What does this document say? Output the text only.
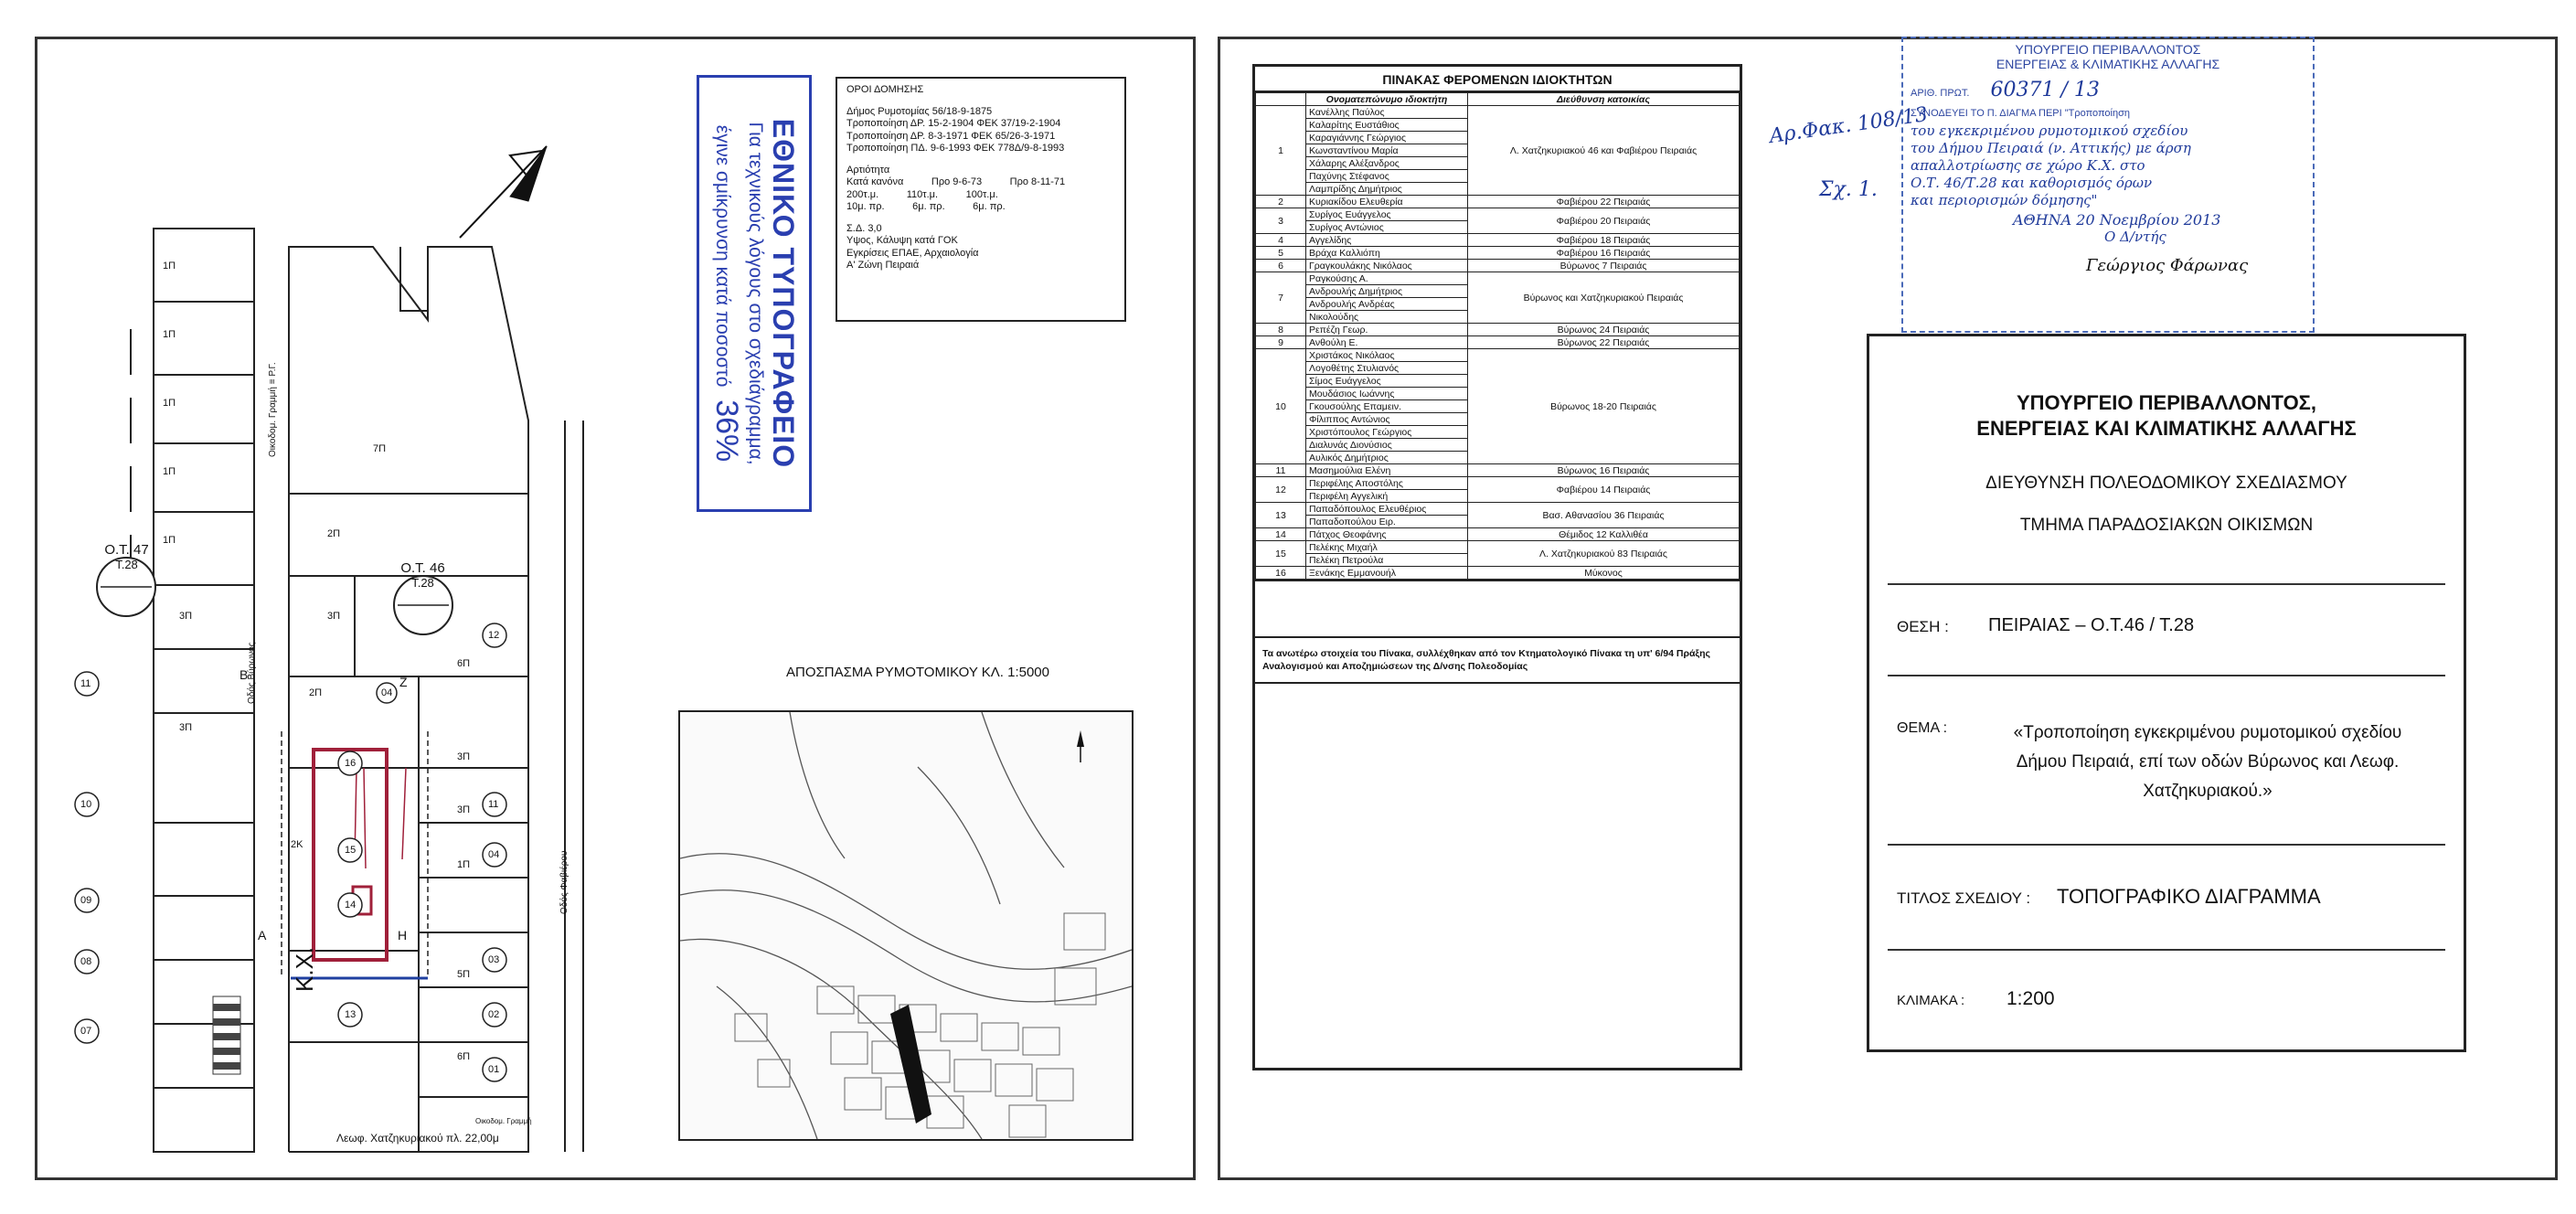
Ο.Τ. 47
Τ.28	Ο.Τ. 46
Τ.28
Κ.Χ.
Λεωφ. Χατζηκυριακού πλ. 22,00μ
Οικοδομ. Γραμμή
Οδός Βύρωνος
Οδός Φαβιέρου
Οικοδομ. Γραμμή ≡ Ρ.Γ.
1Π
1Π
1Π
1Π
1Π
3Π
3Π
7Π
2Π
3Π
11
10
09
08
07
6Π
12
3Π
11
3Π
04
1Π
03
5Π
02
6Π
01
16
15
14
13
2Π
2Κ
04
Β	Ζ
Α	Η
ΕΘΝΙΚΟ ΤΥΠΟΓΡΑΦΕΙΟ
Για τεχνικούς λόγους στο σχεδιάγραμμα,
έγινε σμίκρυνση κατά ποσοστό 36%
ΟΡΟΙ ΔΟΜΗΣΗΣ
Δήμος Ρυμοτομίας 56/18-9-1875
Τροποποίηση ΔΡ. 15-2-1904 ΦΕΚ 37/19-2-1904
Τροποποίηση ΔΡ. 8-3-1971 ΦΕΚ 65/26-3-1971
Τροποποίηση ΠΔ. 9-6-1993 ΦΕΚ 778Δ/9-8-1993
Αρτιότητα
Κατά κανόνα          Προ 9-6-73          Προ 8-11-71
200τ.μ.          110τ.μ.          100τ.μ.
10μ. πρ.          6μ. πρ.          6μ. πρ.
Σ.Δ. 3,0
Υψος, Κάλυψη κατά ΓΟΚ
Εγκρίσεις ΕΠΑΕ, Αρχαιολογία
Α' Ζώνη Πειραιά
ΑΠΟΣΠΑΣΜΑ ΡΥΜΟΤΟΜΙΚΟΥ ΚΛ. 1:5000
ΠΙΝΑΚΑΣ ΦΕΡΟΜΕΝΩΝ ΙΔΙΟΚΤΗΤΩΝ
	Ονοματεπώνυμο ιδιοκτήτη	Διεύθυνση κατοικίας
1	Κανέλλης Παύλος	Λ. Χατζηκυριακού 46 και Φαβιέρου Πειραιάς
	Καλαρίτης Ευστάθιος	
	Καραγιάννης Γεώργιος	
	Κωνσταντίνου Μαρία	
	Χάλαρης Αλέξανδρος	
	Παχύνης Στέφανος	
	Λαμπρίδης Δημήτριος	
2	Κυριακίδου Ελευθερία	Φαβιέρου 22 Πειραιάς
3	Συρίγος Ευάγγελος	Φαβιέρου 20 Πειραιάς
	Συρίγος Αντώνιος	
4	Αγγελίδης	Φαβιέρου 18 Πειραιάς
5	Βράχα Καλλιόπη	Φαβιέρου 16 Πειραιάς
6	Γραγκουλάκης Νικόλαος	Βύρωνος 7 Πειραιάς
7	Ραγκούσης Α.	Βύρωνος και Χατζηκυριακού Πειραιάς
	Ανδρουλής Δημήτριος	
	Ανδρουλής Ανδρέας	
	Νικολούδης	
8	Ρεπέζη Γεωρ.	Βύρωνος 24 Πειραιάς
9	Ανθούλη Ε.	Βύρωνος 22 Πειραιάς
10	Χριστάκος Νικόλαος	Βύρωνος 18-20 Πειραιάς
	Λογοθέτης Στυλιανός	
	Σίμος Ευάγγελος	
	Μουδάσιος Ιωάννης	
	Γκουσούλης Επαμειν.	
	Φίλιππος Αντώνιος	
	Χριστόπουλος Γεώργιος	
	Διαλυνάς Διονύσιος	
	Αυλικός Δημήτριος	
11	Μασημούλια Ελένη	Βύρωνος 16 Πειραιάς
12	Περιφέλης Αποστόλης	Φαβιέρου 14 Πειραιάς
	Περιφέλη Αγγελική	
13	Παπαδόπουλος Ελευθέριος	Βασ. Αθανασίου 36 Πειραιάς
	Παπαδοπούλου Ειρ.	
14	Πάτχος Θεοφάνης	Θέμιδος 12 Καλλιθέα
15	Πελέκης Μιχαήλ	Λ. Χατζηκυριακού 83 Πειραιάς
	Πελέκη Πετρούλα	
16	Ξενάκης Εμμανουήλ	Μύκονος
Τα ανωτέρω στοιχεία του Πίνακα, συλλέχθηκαν από τον Κτηματολογικό Πίνακα τη υπ' 6/94 Πράξης Αναλογισμού και Αποζημιώσεων της Δ/νσης Πολεοδομίας
Αρ.Φακ. 108/13
Σχ. 1.
ΥΠΟΥΡΓΕΙΟ ΠΕΡΙΒΑΛΛΟΝΤΟΣ
ΕΝΕΡΓΕΙΑΣ & ΚΛΙΜΑΤΙΚΗΣ ΑΛΛΑΓΗΣ
ΑΡΙΘ. ΠΡΩΤ. 60371 / 13
ΣΥΝΟΔΕΥΕΙ ΤΟ Π. ΔΙΑΓΜΑ ΠΕΡΙ "Τροποποίηση
του εγκεκριμένου ρυμοτομικού σχεδίου
του Δήμου Πειραιά (ν. Αττικής) με άρση
απαλλοτρίωσης σε χώρο Κ.Χ. στο
Ο.Τ. 46/Τ.28 και καθορισμός όρων
και περιορισμών δόμησης"
ΑΘΗΝΑ 20 Νοεμβρίου 2013
Ο Δ/ντής
Γεώργιος Φάρωνας
ΥΠΟΥΡΓΕΙΟ ΠΕΡΙΒΑΛΛΟΝΤΟΣ,
ΕΝΕΡΓΕΙΑΣ ΚΑΙ ΚΛΙΜΑΤΙΚΗΣ ΑΛΛΑΓΗΣ
ΔΙΕΥΘΥΝΣΗ ΠΟΛΕΟΔΟΜΙΚΟΥ ΣΧΕΔΙΑΣΜΟΥ
ΤΜΗΜΑ ΠΑΡΑΔΟΣΙΑΚΩΝ ΟΙΚΙΣΜΩΝ
ΘΕΣΗ : ΠΕΙΡΑΙΑΣ – Ο.Τ.46 / Τ.28
ΘΕΜΑ :	«Τροποποίηση εγκεκριμένου ρυμοτομικού σχεδίου
Δήμου Πειραιά, επί των οδών Βύρωνος και Λεωφ.
Χατζηκυριακού.»
ΤΙΤΛΟΣ ΣΧΕΔΙΟΥ : ΤΟΠΟΓΡΑΦΙΚΟ ΔΙΑΓΡΑΜΜΑ
ΚΛΙΜΑΚΑ : 1:200
